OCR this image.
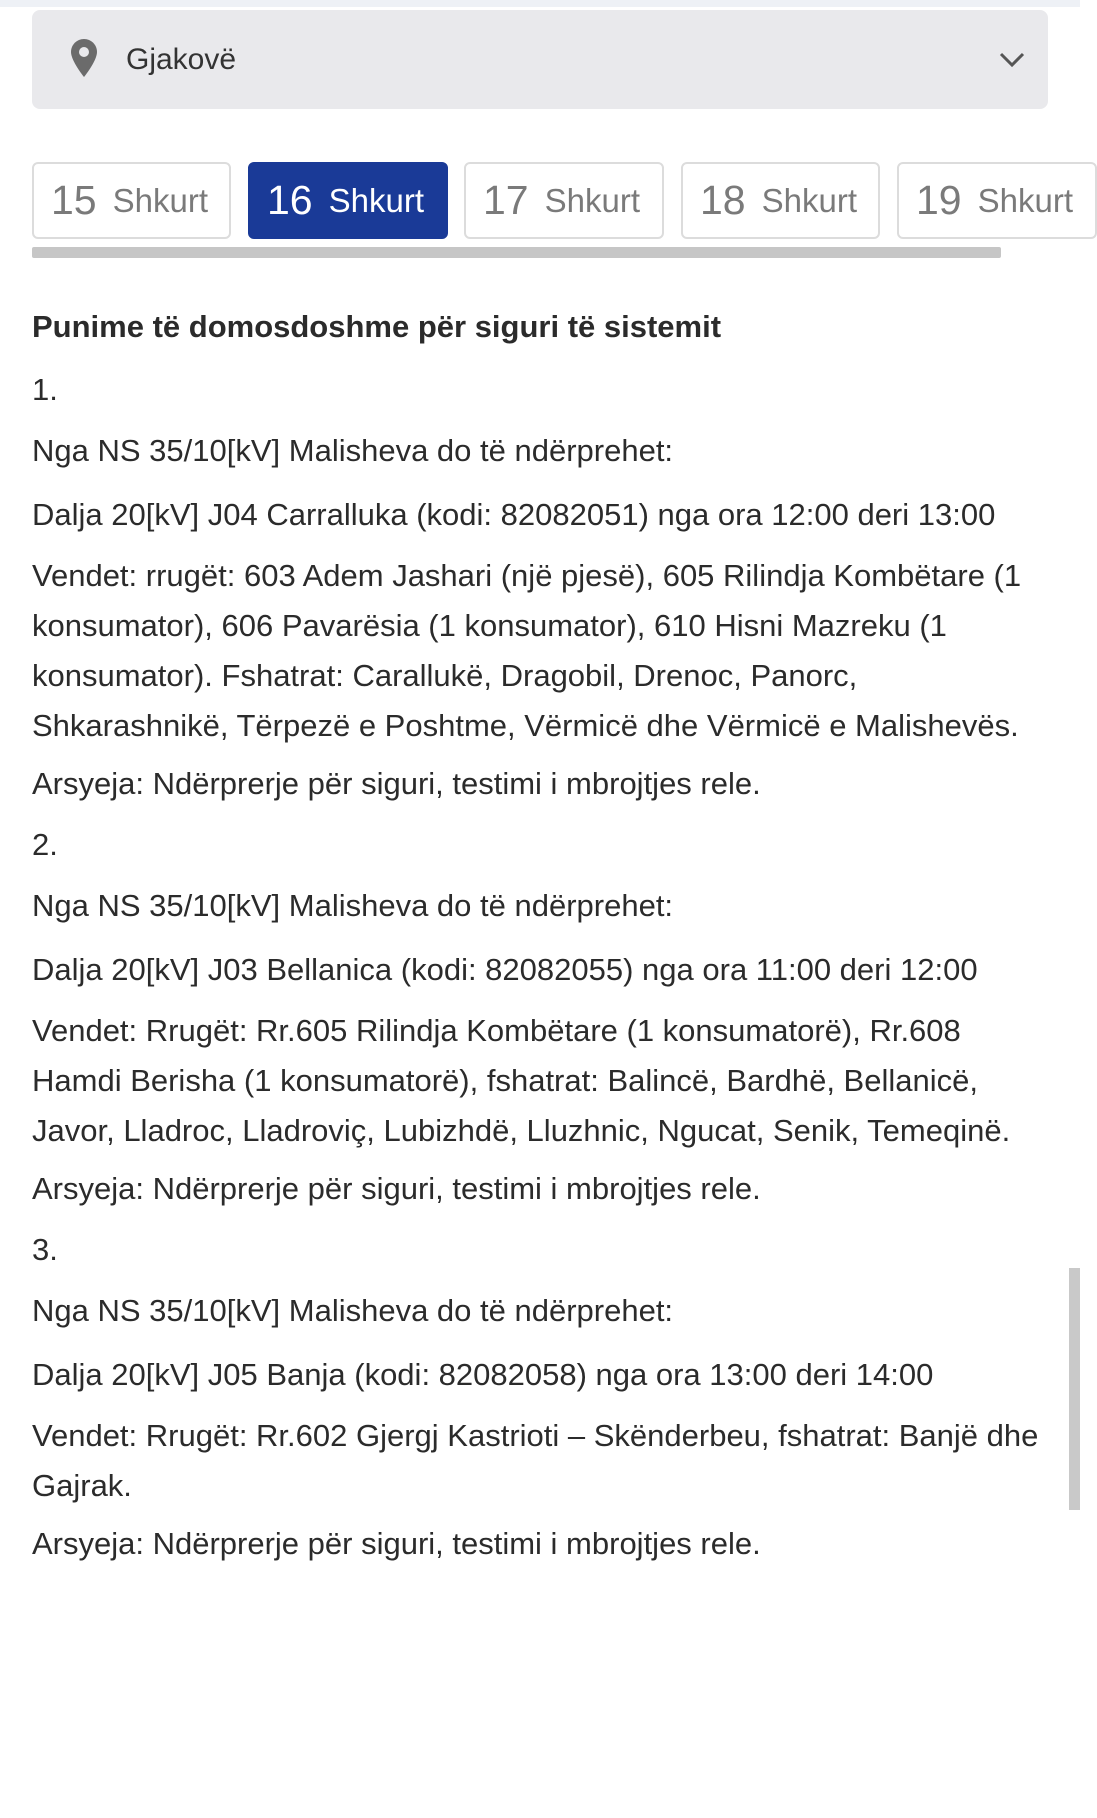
Gjakovë
15 Shkurt 16 Shkurt 17 Shkurt 18 Shkurt 19 Shkurt
Punime të domosdoshme për siguri të sistemit
1.
Nga NS 35/10[kV] Malisheva do të ndërprehet:
Dalja 20[kV] J04 Carralluka (kodi: 82082051) nga ora 12:00 deri 13:00
Vendet: rrugët: 603 Adem Jashari (një pjesë), 605 Rilindja Kombëtare (1 konsumator), 606 Pavarësia (1 konsumator), 610 Hisni Mazreku (1 konsumator). Fshatrat: Carallukë, Dragobil, Drenoc, Panorc, Shkarashnikë, Tërpezë e Poshtme, Vërmicë dhe Vërmicë e Malishevës.
Arsyeja: Ndërprerje për siguri, testimi i mbrojtjes rele.
2.
Nga NS 35/10[kV] Malisheva do të ndërprehet:
Dalja 20[kV] J03 Bellanica (kodi: 82082055) nga ora 11:00 deri 12:00
Vendet: Rrugët: Rr.605 Rilindja Kombëtare (1 konsumatorë), Rr.608 Hamdi Berisha (1 konsumatorë), fshatrat: Balincë, Bardhë, Bellanicë, Javor, Lladroc, Lladroviç, Lubizhdë, Lluzhnic, Ngucat, Senik, Temeqinë.
Arsyeja: Ndërprerje për siguri, testimi i mbrojtjes rele.
3.
Nga NS 35/10[kV] Malisheva do të ndërprehet:
Dalja 20[kV] J05 Banja (kodi: 82082058) nga ora 13:00 deri 14:00
Vendet: Rrugët: Rr.602 Gjergj Kastrioti – Skënderbeu, fshatrat: Banjë dhe Gajrak.
Arsyeja: Ndërprerje për siguri, testimi i mbrojtjes rele.
